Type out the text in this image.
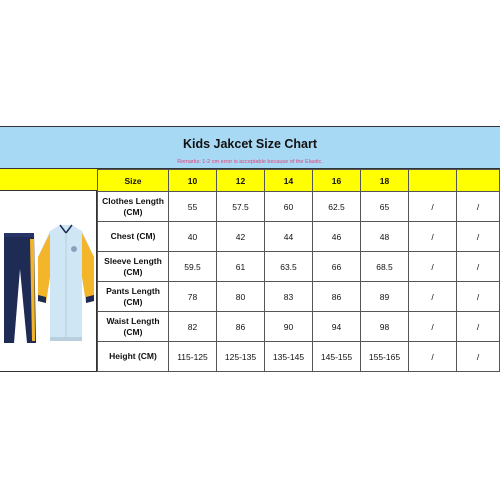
Kids Jakcet Size Chart
Remarks: 1-2 cm error is acceptable because of the Elastic.
Size	10	12	14	16	18		
Clothes Length (CM)	55	57.5	60	62.5	65	/	/
Chest (CM)	40	42	44	46	48	/	/
Sleeve Length (CM)	59.5	61	63.5	66	68.5	/	/
Pants Length (CM)	78	80	83	86	89	/	/
Waist Length (CM)	82	86	90	94	98	/	/
Height (CM)	115-125	125-135	135-145	145-155	155-165	/	/
